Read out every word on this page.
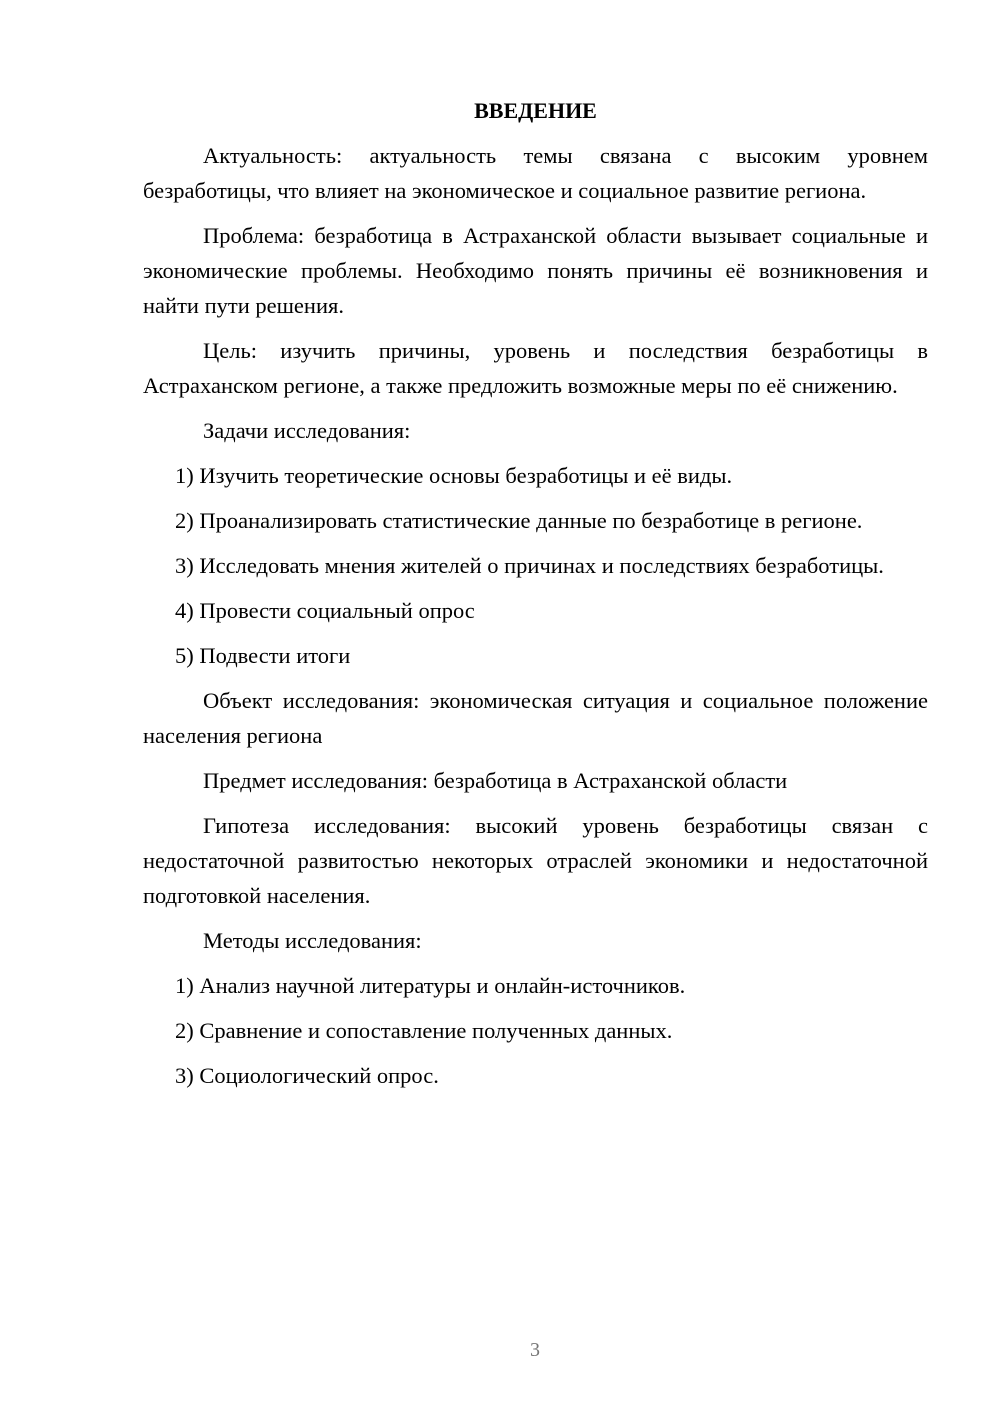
ВВЕДЕНИЕ

Актуальность: актуальность темы связана с высоким уровнем безработицы, что влияет на экономическое и социальное развитие региона.

Проблема: безработица в Астраханской области вызывает социальные и экономические проблемы. Необходимо понять причины её возникновения и найти пути решения.

Цель: изучить причины, уровень и последствия безработицы в Астраханском регионе, а также предложить возможные меры по её снижению.

Задачи исследования:

1) Изучить теоретические основы безработицы и её виды.

2) Проанализировать статистические данные по безработице в регионе.

3) Исследовать мнения жителей о причинах и последствиях безработицы.

4) Провести социальный опрос

5) Подвести итоги

Объект исследования: экономическая ситуация и социальное положение населения региона

Предмет исследования: безработица в Астраханской области

Гипотеза исследования: высокий уровень безработицы связан с недостаточной развитостью некоторых отраслей экономики и недостаточной подготовкой населения.

Методы исследования:

1) Анализ научной литературы и онлайн-источников.

2) Сравнение и сопоставление полученных данных.

3) Социологический опрос.

3
